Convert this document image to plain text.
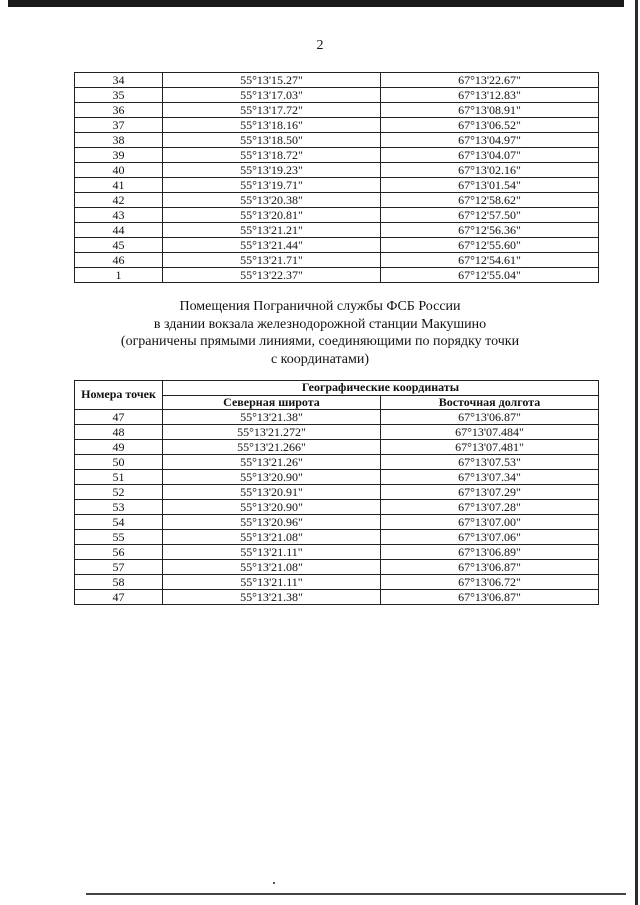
2
34	55°13'15.27"	67°13'22.67"
35	55°13'17.03"	67°13'12.83"
36	55°13'17.72"	67°13'08.91"
37	55°13'18.16"	67°13'06.52"
38	55°13'18.50"	67°13'04.97"
39	55°13'18.72"	67°13'04.07"
40	55°13'19.23"	67°13'02.16"
41	55°13'19.71"	67°13'01.54"
42	55°13'20.38"	67°12'58.62"
43	55°13'20.81"	67°12'57.50"
44	55°13'21.21"	67°12'56.36"
45	55°13'21.44"	67°12'55.60"
46	55°13'21.71"	67°12'54.61"
1	55°13'22.37"	67°12'55.04"
Помещения Пограничной службы ФСБ России
в здании вокзала железнодорожной станции Макушино
(ограничены прямыми линиями, соединяющими по порядку точки
с координатами)
Номера точек	Географические координаты	
	Северная широта	Восточная долгота
47	55°13'21.38"	67°13'06.87"
48	55°13'21.272"	67°13'07.484"
49	55°13'21.266"	67°13'07.481"
50	55°13'21.26"	67°13'07.53"
51	55°13'20.90"	67°13'07.34"
52	55°13'20.91"	67°13'07.29"
53	55°13'20.90"	67°13'07.28"
54	55°13'20.96"	67°13'07.00"
55	55°13'21.08"	67°13'07.06"
56	55°13'21.11"	67°13'06.89"
57	55°13'21.08"	67°13'06.87"
58	55°13'21.11"	67°13'06.72"
47	55°13'21.38"	67°13'06.87"
